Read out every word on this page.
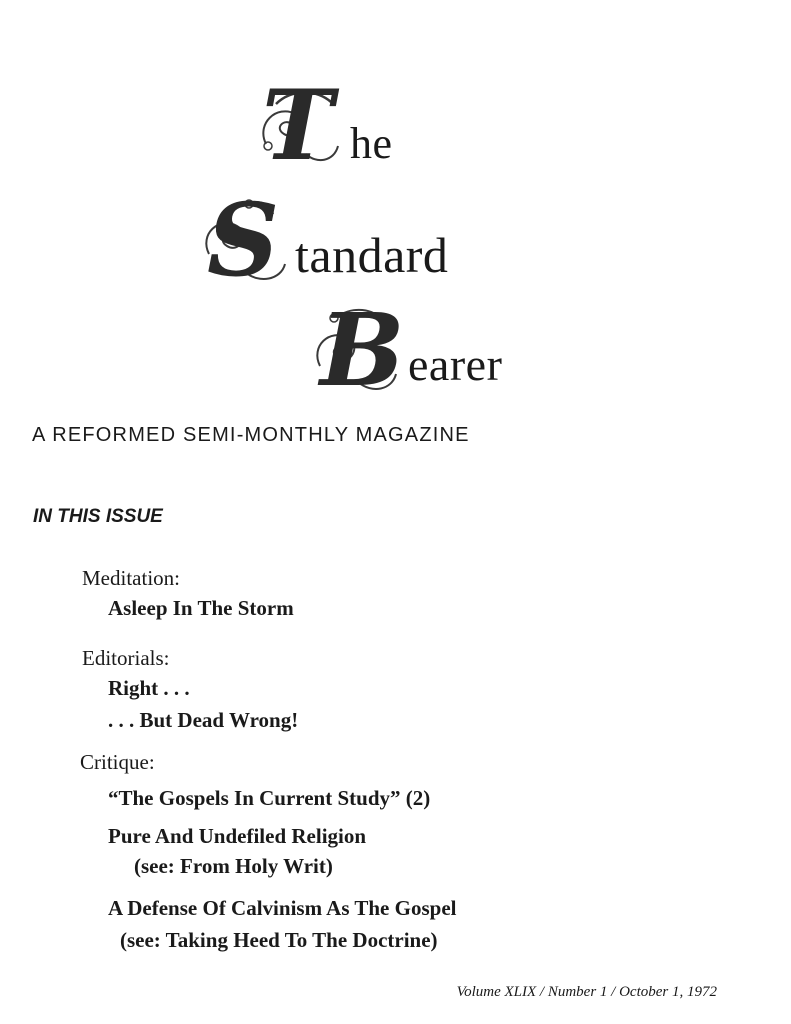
T he
S tandard
B earer
A REFORMED SEMI-MONTHLY MAGAZINE
IN THIS ISSUE
Meditation:
Asleep In The Storm
Editorials:
Right . . .
. . . But Dead Wrong!
Critique:
“The Gospels In Current Study” (2)
Pure And Undefiled Religion
(see: From Holy Writ)
A Defense Of Calvinism As The Gospel
(see: Taking Heed To The Doctrine)
Volume XLIX / Number 1 / October 1, 1972
